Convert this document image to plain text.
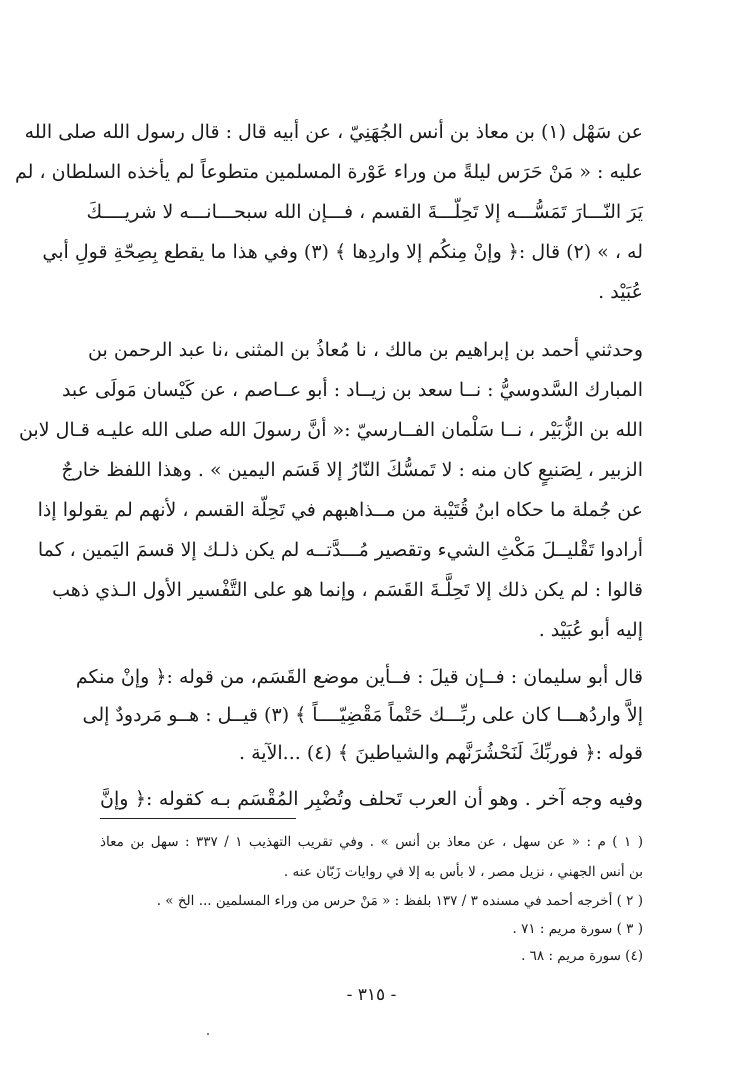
عن سَهْل (١) بن معاذ بن أنس الجُهَنِيّ ، عن أبيه قال : قال رسول الله صلى الله
عليه : « مَنْ حَرَس ليلةً من وراء عَوْرة المسلمين متطوعاً لم يأخذه السلطان ، لم
يَرَ النّـــارَ تَمَسُّـــه إلا تَحِلّـــةَ القسم ، فـــإن الله سبحـــانـــه لا شريــــكَ
له ، » (٢) قال :﴿ وإنْ مِنكُم إلا واردِها ﴾ (٣) وفي هذا ما يقطع بِصِحّةِ قولِ أبي
عُبَيْد .
وحدثني أحمد بن إبراهيم بن مالك ، نا مُعاذُ بن المثنى ،نا عبد الرحمن بن
المبارك السَّدوسيُّ : نــا سعد بن زيــاد : أبو عــاصم ، عن كَيْسان مَولَى عبد
الله بن الزُّبَيْر ، نــا سَلْمان الفــارسيّ :« أنَّ رسولَ الله صلى الله عليـه قـال لابن
الزبير ، لِصَنيعٍ كان منه : لا تَمسُّكَ النّارُ إلا قَسَم اليمين » . وهذا اللفظ خارجٌ
عن جُملة ما حكاه ابنُ قُتَيْبة من مــذاهبهم في تَحِلّة القسم ، لأنهم لم يقولوا إذا
أرادوا تَقْليــلَ مَكْثِ الشيء وتقصير مُـــدَّتــه لم يكن ذلـك إلا قسمَ اليَمين ، كما
قالوا : لم يكن ذلك إلا تَحِلَّـةَ القَسَم ، وإنما هو على التَّفْسير الأول الـذي ذهب
إليه أبو عُبَيْد .
قال أبو سليمان : فــإن قيلَ : فــأين موضع القَسَم، من قوله :﴿ وإنْ منكم
إلاَّ واردُهـــا كان على ربِّـــك حَتْماً مَقْضِيّــــاً ﴾ (٣) قيــل : هــو مَردودٌ إلى
قوله :﴿ فوربِّكَ لَنَحْشُرَنَّهم والشياطينَ ﴾ (٤) ...الآية .
وفيه وجه آخر . وهو أن العرب تَحلف وتُضْبِر المُقْسَم بـه كقوله :﴿ وإنَّ
( ١ ) م : « عن سهل ، عن معاذ بن أنس » . وفي تقريب التهذيب ١ / ٣٣٧ : سهل بن معاذ
بن أنس الجهني ، نزيل مصر ، لا بأس به إلا في روايات زَبّان عنه .
( ٢ ) أخرجه أحمد في مسنده ٣ / ١٣٧ بلفظ : « مَنْ حرس من وراء المسلمين ... الخ » .
( ٣ ) سورة مريم : ٧١ .
(٤) سورة مريم : ٦٨ .
- ٣١٥ -
